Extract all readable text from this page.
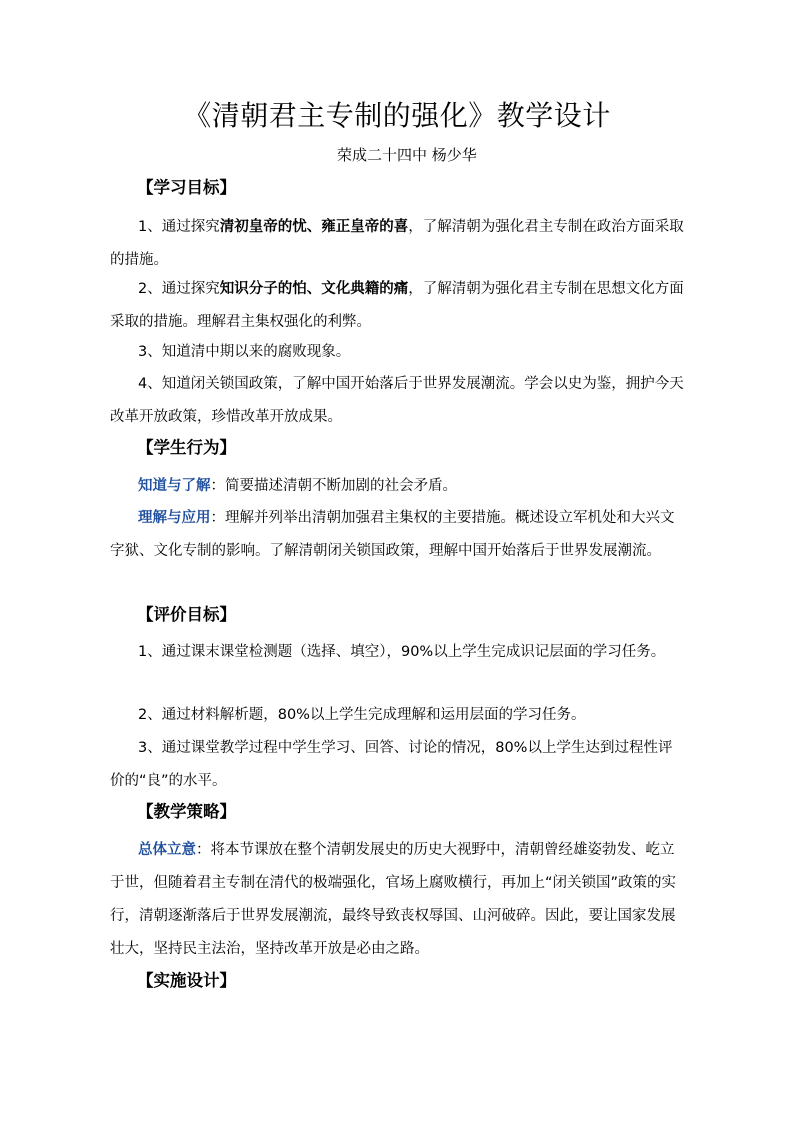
《清朝君主专制的强化》教学设计
荣成二十四中 杨少华
【学习目标】
1、通过探究清初皇帝的忧、雍正皇帝的喜，了解清朝为强化君主专制在政治方面采取的措施。
2、通过探究知识分子的怕、文化典籍的痛，了解清朝为强化君主专制在思想文化方面采取的措施。理解君主集权强化的利弊。
3、知道清中期以来的腐败现象。
4、知道闭关锁国政策，了解中国开始落后于世界发展潮流。学会以史为鉴，拥护今天改革开放政策，珍惜改革开放成果。
【学生行为】
知道与了解：简要描述清朝不断加剧的社会矛盾。
理解与应用：理解并列举出清朝加强君主集权的主要措施。概述设立军机处和大兴文字狱、文化专制的影响。了解清朝闭关锁国政策，理解中国开始落后于世界发展潮流。
【评价目标】
1、通过课末课堂检测题（选择、填空），90%以上学生完成识记层面的学习任务。
2、通过材料解析题，80%以上学生完成理解和运用层面的学习任务。
3、通过课堂教学过程中学生学习、回答、讨论的情况，80%以上学生达到过程性评价的“良”的水平。
【教学策略】
总体立意：将本节课放在整个清朝发展史的历史大视野中，清朝曾经雄姿勃发、屹立于世，但随着君主专制在清代的极端强化，官场上腐败横行，再加上“闭关锁国”政策的实行，清朝逐渐落后于世界发展潮流，最终导致丧权辱国、山河破碎。因此，要让国家发展壮大，坚持民主法治，坚持改革开放是必由之路。
【实施设计】
